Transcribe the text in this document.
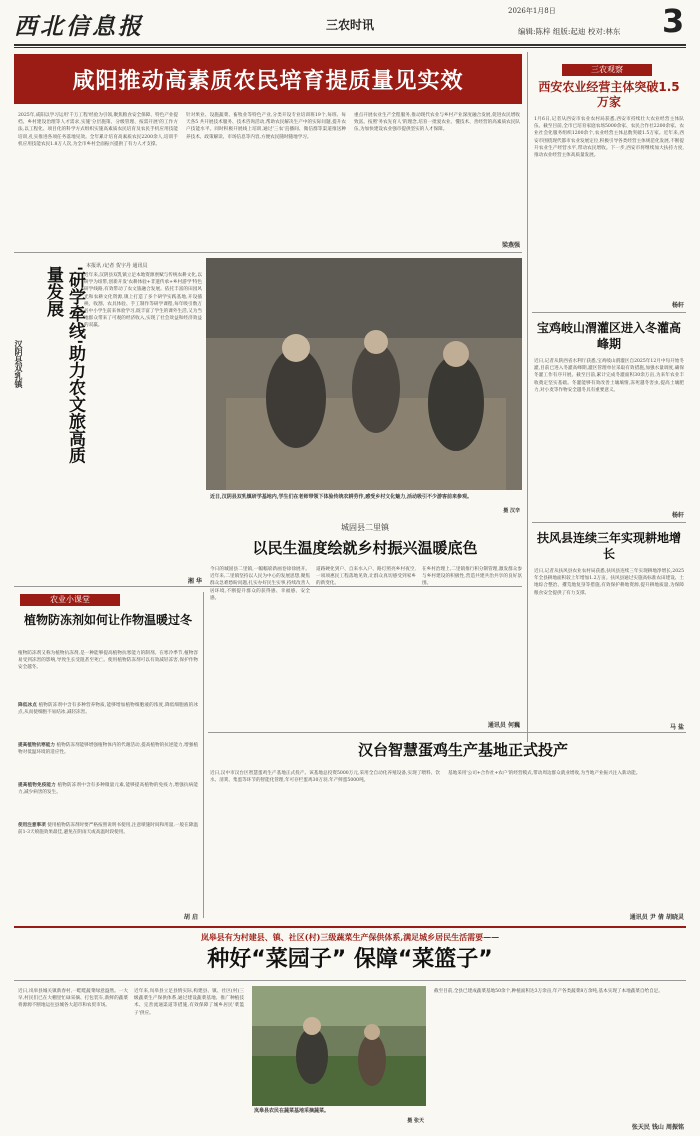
西北信息报	三农时讯
2026年1月8日
编辑:陈梓 组版:起迪 校对:林东 3
咸阳推动高素质农民培育提质量见实效
2025年,咸阳以学习运用'千万工程'经验为引领,聚焦粮食安全保障、特色产业提档、乡村建设治理等人才需求,实施'分层施策、分级管理、按需开展'的工作方法,以工程化、项目化的科学方式组织实施高素质农民培育及农民手机应用技能培训,扎实推进各项任务落地见效。全年累计培育高素质农民2200余人,培训手机应用技能农民1.8万人次,为全市乡村全面振兴提供了有力人才支撑。
针对果业、设施蔬菜、畜牧业等特色产业,分类开设专业培训班19个,每班、每天各5 共开展技术服务、技术咨询活动,帮助农民解决生产中的实际问题,提升农户技能水平。同时积极开展线上培训,通过'三农'直播间、微信群等渠道推送种养技术、政策解读、市场信息等内容,方便农民随时随地学习。
重点开展农业生产全程服务,推动现代农业与乡村产业深度融合发展,促进农民增收致富。按照'务农先育人'的理念,培育一批爱农业、懂技术、善经营的高素质农民队伍,为加快建设农业强市提供坚实的人才保障。
梁燕强
三农观察
西安农业经营主体突破1.5万家
1月6日,记者从西安市农业农村局获悉,西安市持续壮大农业经营主体队伍。截至目前,全市已培育家庭农场5000余家、农民合作社2200余家、农业社会化服务组织1200余个,农业经营主体总数突破1.5万家。近年来,西安市围绕现代都市农业发展定位,积极引导各类经营主体规范化发展,不断提升农业生产经营水平,带动农民增收。下一步,西安市将继续加大扶持力度,推动农业经营主体高质量发展。
杨轩
宝鸡岐山渭灌区进入冬灌高峰期
近日,记者从陕西省水利厅获悉,宝鸡岐山渭灌区自2025年12月中旬开始冬灌,目前已进入冬灌高峰期,灌区管理单位采取有效措施,加强水量调度,确保冬灌工作有序开展。截至目前,累计完成冬灌面积30余万亩,为来年农业丰收奠定坚实基础。冬灌能够有效改善土壤墒情,冻死越冬害虫,提高土壤肥力,对小麦等作物安全越冬具有重要意义。
杨轩
扶风县连续三年实现耕地增长
近日,记者从扶风县农业农村局获悉,扶风县连续三年实现耕地净增长,2025年全县耕地面积较上年增加1.2万亩。扶风县通过实施高标准农田建设、土地综合整治、撂荒地复垦等措施,有效保护耕地资源,提升耕地质量,为保障粮食安全提供了有力支撑。
马 盐
'研学牵线'助力农文旅高质量发展
汉阴县双乳镇
本报讯 /记者 贺宇丹 通讯员
近年来,汉阴县双乳镇立足本地资源禀赋与传统农耕文化,以研学为纽带,创新开发'农耕体验+非遗传承+乡村游学'特色研学线路,有效带动了农文旅融合发展。依托丰富的田园风光和农耕文化资源,镇上打造了多个研学实践基地,开设插秧、收割、农具体验、手工制作等研学课程,每年吸引数万名中小学生前来体验学习,既丰富了学生的课外生活,又为当地群众带来了可观的经济收入,实现了社会效益和经济效益的双赢。
近日,汉阴县双乳镇研学基地内,学生们在老师带领下体验传统农耕劳作,感受乡村文化魅力,活动吸引不少游客前来参观。
摄 汉辛
湘 华
农业小课堂
植物防冻剂如何让作物温暖过冬
植物防冻剂又称为植物抗冻剂,是一种能够提高植物抗寒能力的制剂。在寒冷季节,植物容易受到冻害的影响,导致生长受阻甚至死亡。使用植物防冻剂可以有效减轻冻害,保护作物安全越冬。
降低冰点 植物防冻剂中含有多种营养物质,能够增加植物细胞液的浓度,降低细胞液的冰点,从而使细胞不易结冰,减轻冻害。
提高植物抗寒能力 植物防冻剂能够增强植物体内的代谢活动,提高植物的抗逆能力,增强植物对低温环境的适应性。
提高植物免疫能力 植物防冻剂中含有多种微量元素,能够提高植物的免疫力,增强抗病能力,减少病害的发生。
使用注意事项 使用植物防冻剂时要严格按照说明书使用,注意喷施时间和用量,一般在降温前1-3天喷施效果最佳,避免在阴雨天或高温时段使用。
胡 启
城固县二里镇
以民生温度绘就乡村振兴温暖底色
今日的城固县二里镇,一幅幅崭新画卷徐徐展开。近年来,二里镇坚持以人民为中心的发展思想,聚焦群众急难愁盼问题,扎实办好民生实事,持续改善人居环境,不断提升群众的获得感、幸福感、安全感。
道路硬化到户、自来水入户、路灯照亮乡村夜空,一项项惠民工程落地见效,让群众真切感受到家乡的新变化。
在乡村治理上,二里镇推行积分制管理,激发群众参与乡村建设的积极性,营造共建共治共享的良好氛围。
通讯员 何巍
汉台智慧蛋鸡生产基地正式投产
近日,汉中市汉台区智慧蛋鸡生产基地正式投产。该基地总投资5000万元,采用全自动化养殖设备,实现了喂料、饮水、清粪、集蛋等环节的智能化管理,年可存栏蛋鸡30万羽,年产鲜蛋5000吨。
基地采用'公司+合作社+农户'的经营模式,带动周边群众就业增收,为当地产业振兴注入新动能。
通讯员 尹 倩 胡晓灵
岚皋县有为村建县、镇、社区(村)三级蔬菜生产保供体系,满足城乡居民生活需要——
种好“菜园子” 保障“菜篮子”
近日,岚皋县城关镇新春村,一畦畦蔬菜绿意盎然。一大早,村民们已在大棚里忙碌采摘、打包装车,新鲜的蔬菜将源源不断地运往县城各大超市和农贸市场。
近年来,岚皋县立足县情实际,构建县、镇、社区(村)三级蔬菜生产保供体系,通过建设蔬菜基地、推广种植技术、完善流通渠道等措施,有效保障了城乡居民'菜篮子'供应。
岚皋县农民在蔬菜基地采摘蔬菜。
摄 张天
截至目前,全县已建成蔬菜基地50余个,种植面积达3万余亩,年产各类蔬菜8万余吨,基本实现了本地蔬菜自给自足。
张天民 钱山 周振铭
